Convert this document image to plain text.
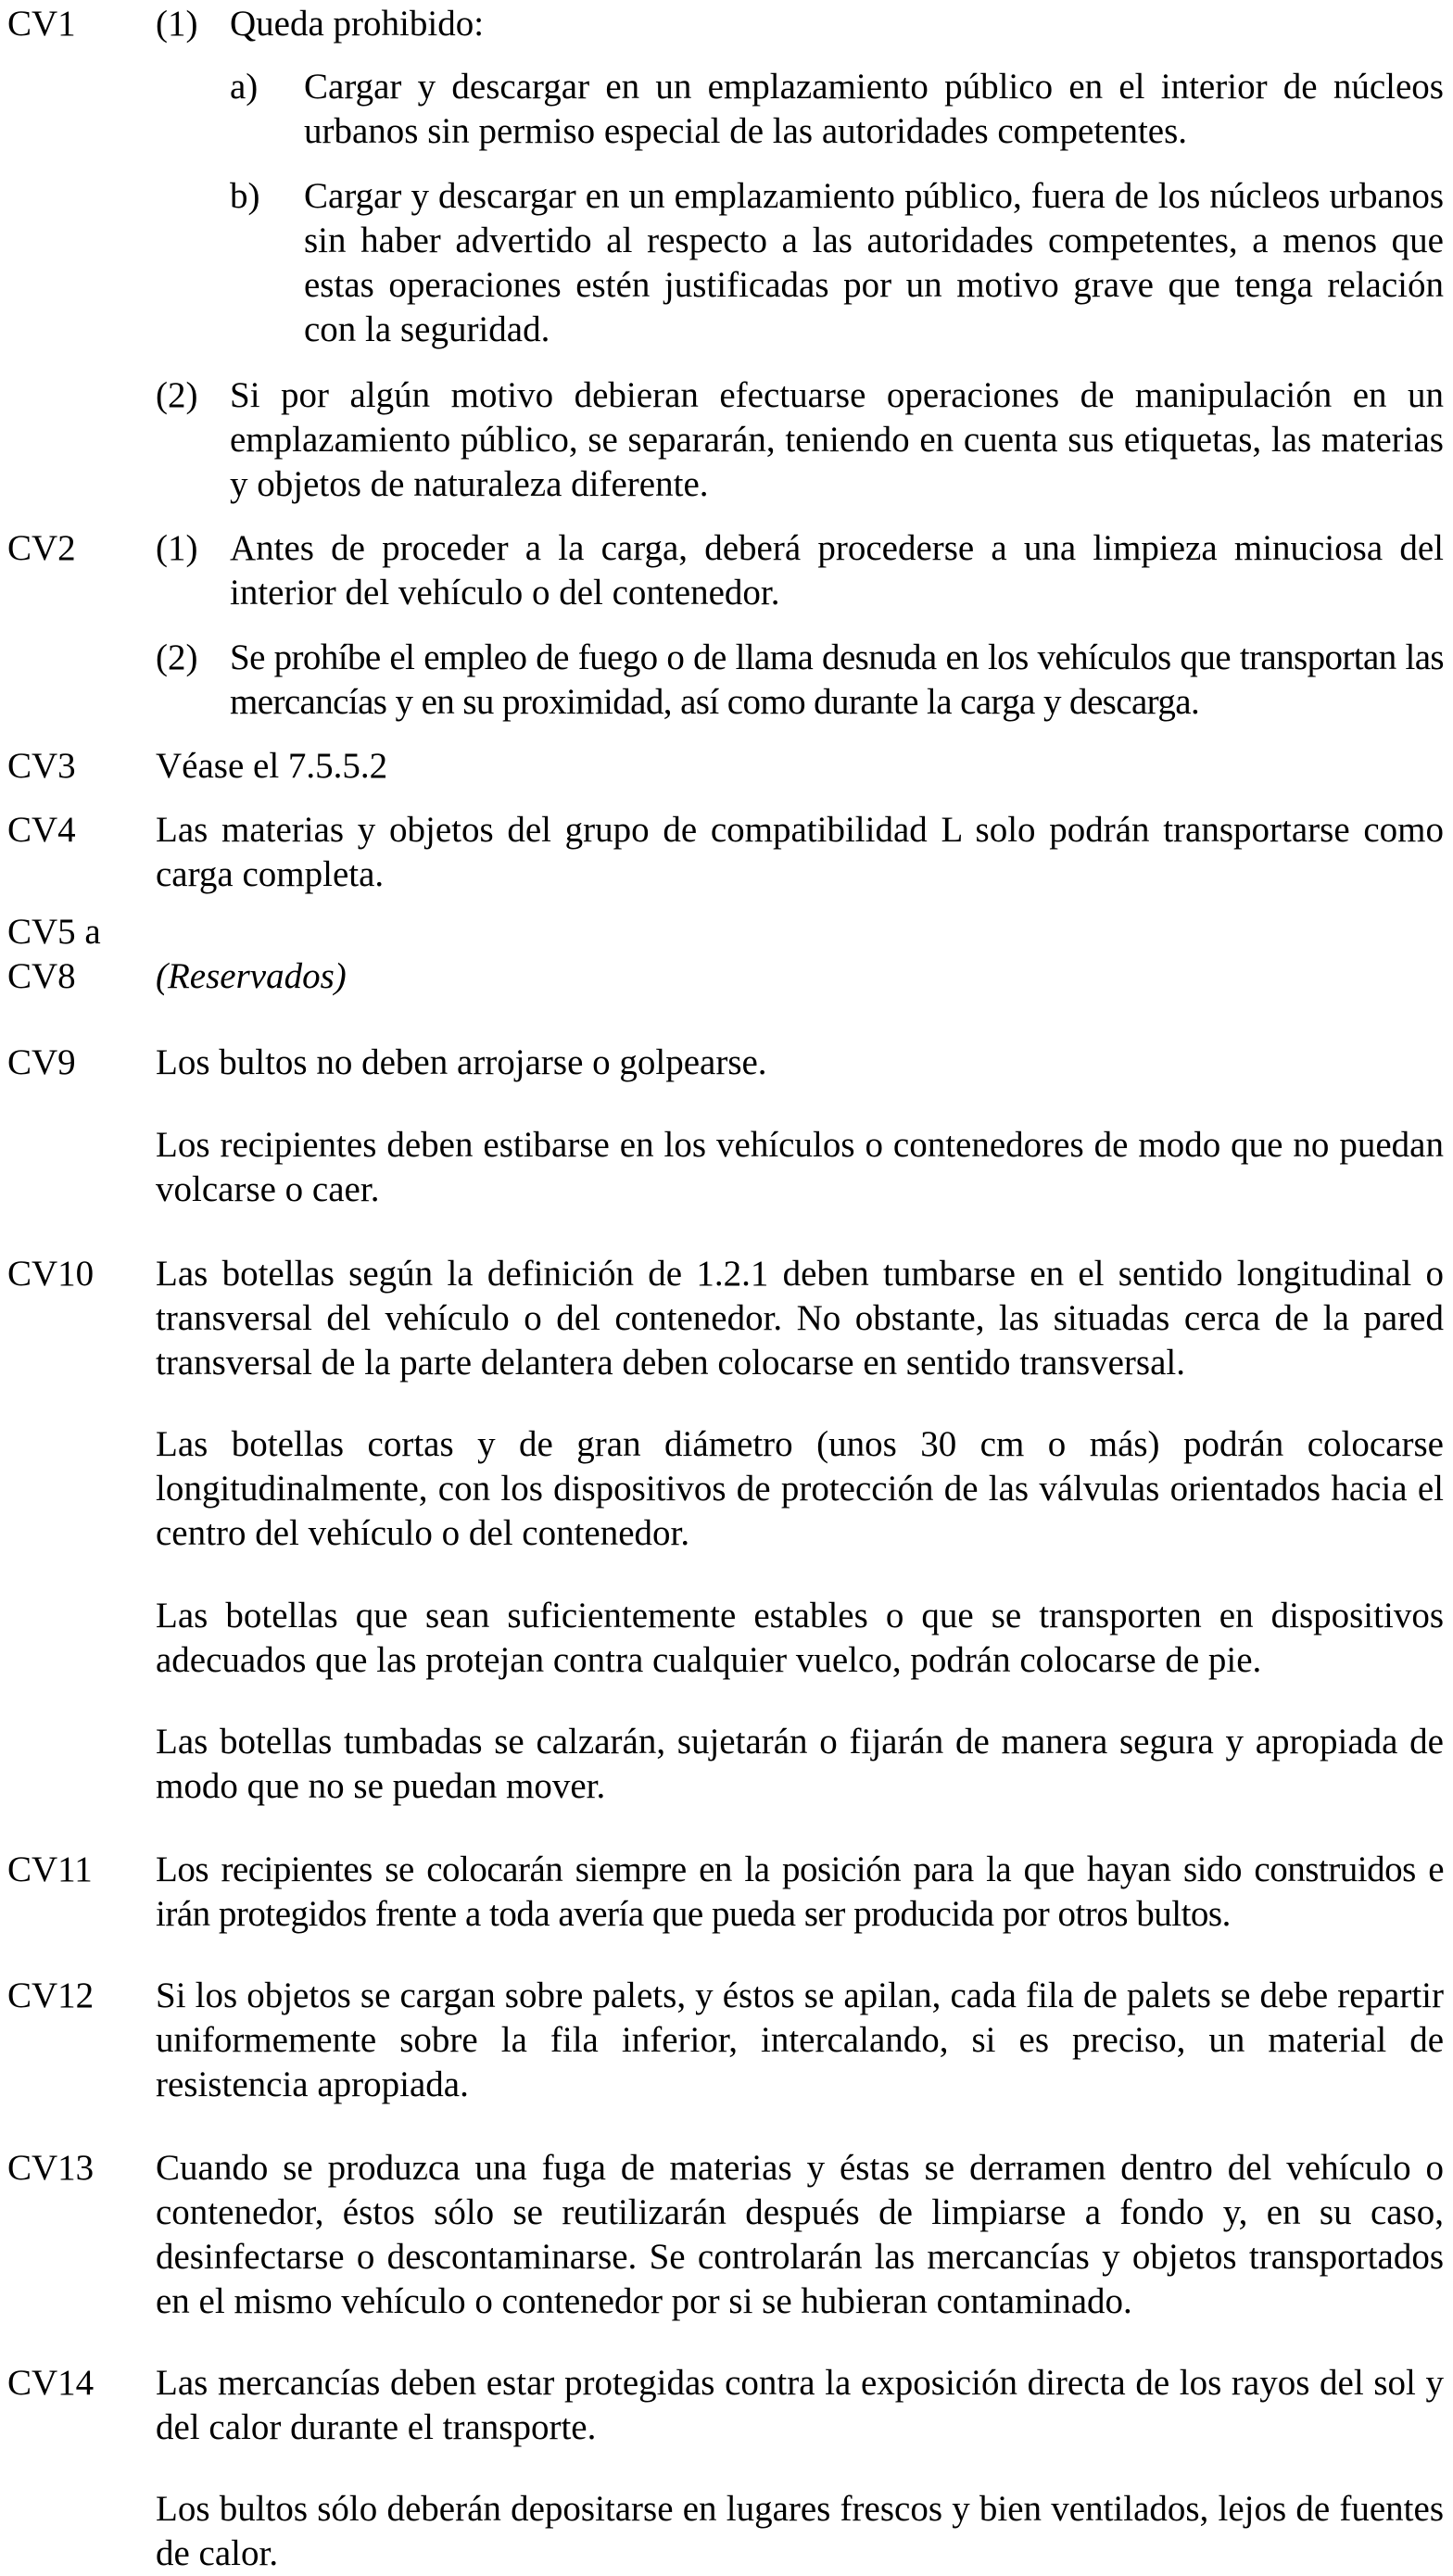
CV1	(1) Queda prohibido:
a)	Cargar y descargar en un emplazamiento público en el interior de núcleos urbanos sin permiso especial de las autoridades competentes.
b)	Cargar y descargar en un emplazamiento público, fuera de los núcleos urbanos sin haber advertido al respecto a las autoridades competentes, a menos que estas operaciones estén justificadas por un motivo grave que tenga relación con la seguridad.
(2) Si por algún motivo debieran efectuarse operaciones de manipulación en un emplazamiento público, se separarán, teniendo en cuenta sus etiquetas, las materias y objetos de naturaleza diferente.
CV2	(1) Antes de proceder a la carga, deberá procederse a una limpieza minuciosa del interior del vehículo o del contenedor.
(2) Se prohíbe el empleo de fuego o de llama desnuda en los vehículos que transportan las mercancías y en su proximidad, así como durante la carga y descarga.
CV3	Véase el 7.5.5.2
CV4	Las materias y objetos del grupo de compatibilidad L solo podrán transportarse como carga completa.
CV5 a
CV8	(Reservados)
CV9	Los bultos no deben arrojarse o golpearse.
Los recipientes deben estibarse en los vehículos o contenedores de modo que no puedan volcarse o caer.
CV10	Las botellas según la definición de 1.2.1 deben tumbarse en el sentido longitudinal o transversal del vehículo o del contenedor. No obstante, las situadas cerca de la pared transversal de la parte delantera deben colocarse en sentido transversal.
Las botellas cortas y de gran diámetro (unos 30 cm o más) podrán colocarse longitudinalmente, con los dispositivos de protección de las válvulas orientados hacia el centro del vehículo o del contenedor.
Las botellas que sean suficientemente estables o que se transporten en dispositivos adecuados que las protejan contra cualquier vuelco, podrán colocarse de pie.
Las botellas tumbadas se calzarán, sujetarán o fijarán de manera segura y apropiada de modo que no se puedan mover.
CV11	Los recipientes se colocarán siempre en la posición para la que hayan sido construidos e irán protegidos frente a toda avería que pueda ser producida por otros bultos.
CV12	Si los objetos se cargan sobre palets, y éstos se apilan, cada fila de palets se debe repartir uniformemente sobre la fila inferior, intercalando, si es preciso, un material de resistencia apropiada.
CV13	Cuando se produzca una fuga de materias y éstas se derramen dentro del vehículo o contenedor, éstos sólo se reutilizarán después de limpiarse a fondo y, en su caso, desinfectarse o descontaminarse. Se controlarán las mercancías y objetos transportados en el mismo vehículo o contenedor por si se hubieran contaminado.
CV14	Las mercancías deben estar protegidas contra la exposición directa de los rayos del sol y del calor durante el transporte.
Los bultos sólo deberán depositarse en lugares frescos y bien ventilados, lejos de fuentes de calor.
